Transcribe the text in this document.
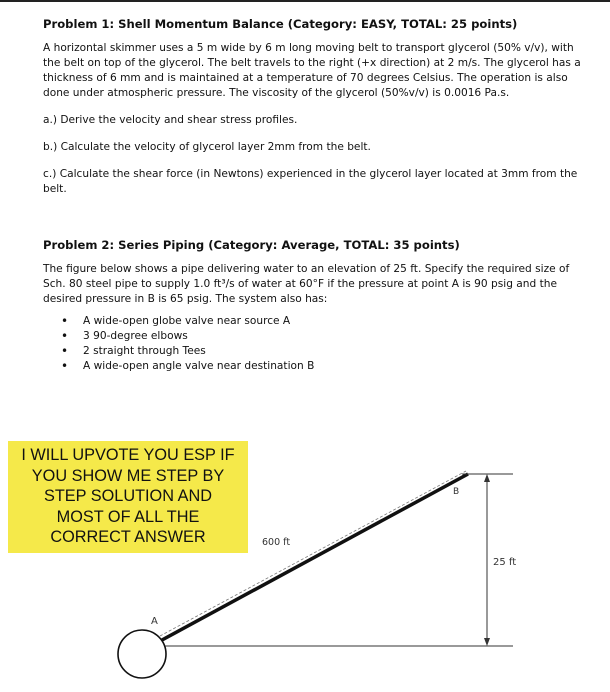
Problem 1: Shell Momentum Balance (Category: EASY, TOTAL: 25 points)
A horizontal skimmer uses a 5 m wide by 6 m long moving belt to transport glycerol (50% v/v), with the belt on top of the glycerol. The belt travels to the right (+x direction) at 2 m/s. The glycerol has a thickness of 6 mm and is maintained at a temperature of 70 degrees Celsius. The operation is also done under atmospheric pressure. The viscosity of the glycerol (50%v/v) is 0.0016 Pa.s.
a.) Derive the velocity and shear stress profiles.
b.) Calculate the velocity of glycerol layer 2mm from the belt.
c.) Calculate the shear force (in Newtons) experienced in the glycerol layer located at 3mm from the belt.
Problem 2: Series Piping (Category: Average, TOTAL: 35 points)
The figure below shows a pipe delivering water to an elevation of 25 ft. Specify the required size of Sch. 80 steel pipe to supply 1.0 ft³/s of water at 60°F if the pressure at point A is 90 psig and the desired pressure in B is 65 psig. The system also has:
• A wide-open globe valve near source A
• 3 90-degree elbows
• 2 straight through Tees
• A wide-open angle valve near destination B
A
B
600 ft
25 ft
I WILL UPVOTE YOU ESP IF
YOU SHOW ME STEP BY
STEP SOLUTION AND
MOST OF ALL THE
CORRECT ANSWER
